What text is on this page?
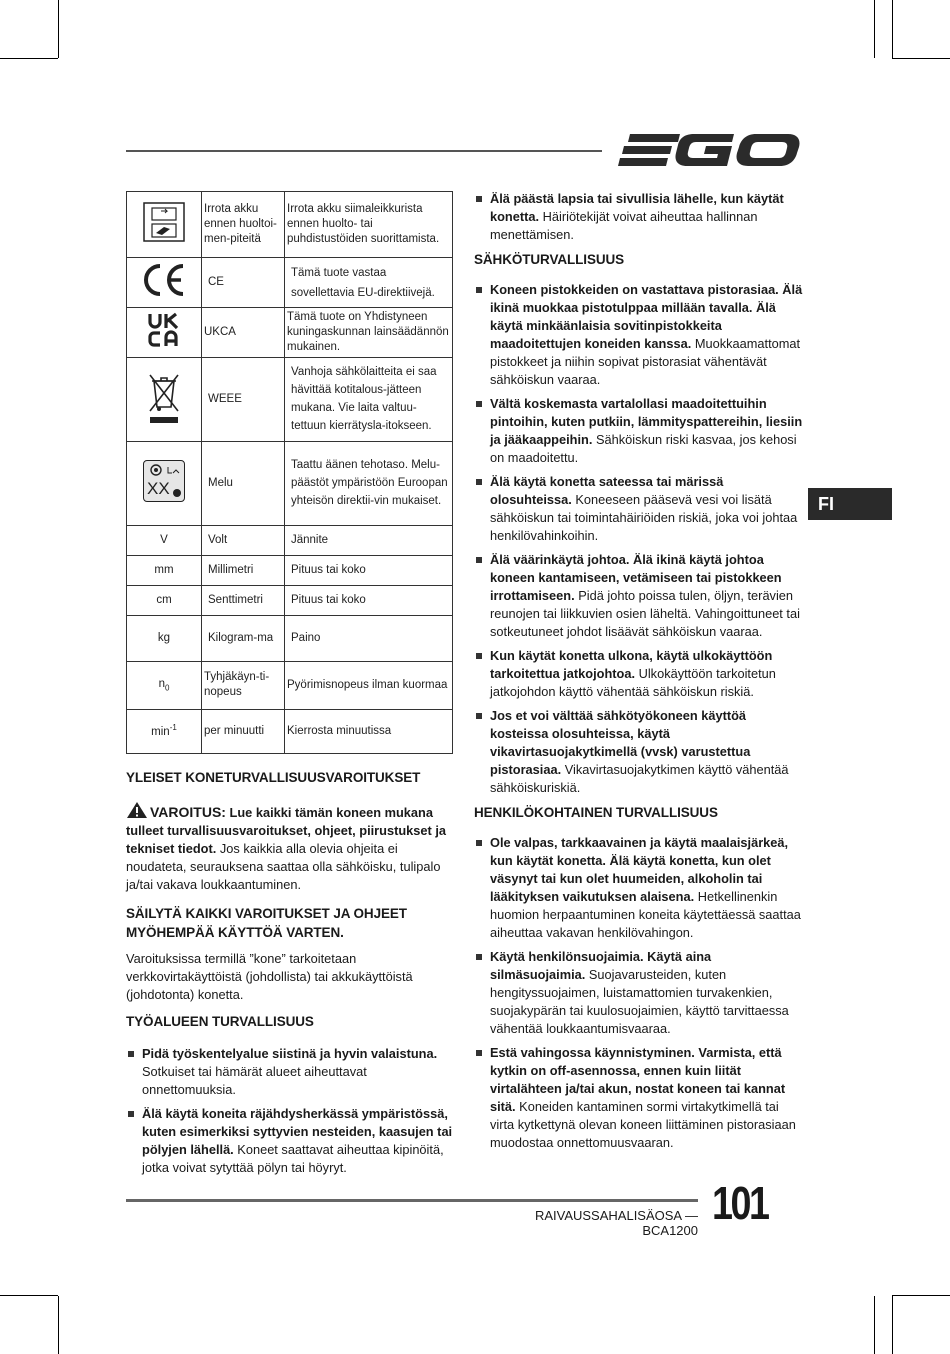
FI
	Irrota akku ennen huoltoi-men-piteitä	Irrota akku siimaleikkurista ennen huolto- tai puhdistustöiden suorittamista.
	CE	Tämä tuote vastaa sovellettavia EU-direktiivejä.
	UKCA	Tämä tuote on Yhdistyneen kuningaskunnan lainsäädännön mukainen.
	WEEE	Vanhoja sähkölaitteita ei saa hävittää kotitalous-jätteen mukana. Vie laita valtuu-tettuun kierrätysla-itokseen.

XX	Melu	Taattu äänen tehotaso. Melu-päästöt ympäristöön Euroopan yhteisön direktii-vin mukaiset.
V	Volt	Jännite
mm	Millimetri	Pituus tai koko
cm	Senttimetri	Pituus tai koko
kg	Kilogram-ma	Paino
$n_0$	Tyhjäkäyn-ti-nopeus	Pyörimisnopeus ilman kuormaa
$\min^{-1}$	per minuutti	Kierrosta minuutissa
YLEISET KONETURVALLISUUSVAROITUKSET

VAROITUS: Lue kaikki tämän koneen mukana tulleet turvallisuusvaroitukset, ohjeet, piirustukset ja tekniset tiedot. Jos kaikkia alla olevia ohjeita ei noudateta, seurauksena saattaa olla sähköisku, tulipalo ja/tai vakava loukkaantuminen.

SÄILYTÄ KAIKKI VAROITUKSET JA OHJEET MYÖHEMPÄÄ KÄYTTÖÄ VARTEN.

Varoituksissa termillä ”kone” tarkoitetaan verkkovirtakäyttöistä (johdollista) tai akkukäyttöistä (johdotonta) konetta.

TYÖALUEEN TURVALLISUUS
Pidä työskentelyalue siistinä ja hyvin valaistuna. Sotkuiset tai hämärät alueet aiheuttavat onnettomuuksia.
Älä käytä koneita räjähdysherkässä ympäristössä, kuten esimerkiksi syttyvien nesteiden, kaasujen tai pölyjen lähellä. Koneet saattavat aiheuttaa kipinöitä, jotka voivat sytyttää pölyn tai höyryt.
Älä päästä lapsia tai sivullisia lähelle, kun käytät konetta. Häiriötekijät voivat aiheuttaa hallinnan menettämisen.
SÄHKÖTURVALLISUUS
Koneen pistokkeiden on vastattava pistorasiaa. Älä ikinä muokkaa pistotulppaa millään tavalla. Älä käytä minkäänlaisia sovitinpistokkeita maadoitettujen koneiden kanssa. Muokkaamattomat pistokkeet ja niihin sopivat pistorasiat vähentävät sähköiskun vaaraa.
Vältä koskemasta vartalollasi maadoitettuihin pintoihin, kuten putkiin, lämmityspattereihin, liesiin ja jääkaappeihin. Sähköiskun riski kasvaa, jos kehosi on maadoitettu.
Älä käytä konetta sateessa tai märissä olosuhteissa. Koneeseen pääsevä vesi voi lisätä sähköiskun tai toimintahäiriöiden riskiä, joka voi johtaa henkilövahinkoihin.
Älä väärinkäytä johtoa. Älä ikinä käytä johtoa koneen kantamiseen, vetämiseen tai pistokkeen irrottamiseen. Pidä johto poissa tulen, öljyn, terävien reunojen tai liikkuvien osien läheltä. Vahingoittuneet tai sotkeutuneet johdot lisäävät sähköiskun vaaraa.
Kun käytät konetta ulkona, käytä ulkokäyttöön tarkoitettua jatkojohtoa. Ulkokäyttöön tarkoitetun jatkojohdon käyttö vähentää sähköiskun riskiä.
Jos et voi välttää sähkötyökoneen käyttöä kosteissa olosuhteissa, käytä vikavirtasuojakytkimellä (vvsk) varustettua pistorasiaa. Vikavirtasuojakytkimen käyttö vähentää sähköiskuriskiä.
HENKILÖKOHTAINEN TURVALLISUUS
Ole valpas, tarkkaavainen ja käytä maalaisjärkeä, kun käytät konetta. Älä käytä konetta, kun olet väsynyt tai kun olet huumeiden, alkoholin tai lääkityksen vaikutuksen alaisena. Hetkellinenkin huomion herpaantuminen koneita käytettäessä saattaa aiheuttaa vakavan henkilövahingon.
Käytä henkilönsuojaimia. Käytä aina silmäsuojaimia. Suojavarusteiden, kuten hengityssuojaimen, luistamattomien turvakenkien, suojakypärän tai kuulosuojaimien, käyttö tarvittaessa vähentää loukkaantumisvaaraa.
Estä vahingossa käynnistyminen. Varmista, että kytkin on off-asennossa, ennen kuin liität virtalähteen ja/tai akun, nostat koneen tai kannat sitä. Koneiden kantaminen sormi virtakytkimellä tai virta kytkettynä olevan koneen liittäminen pistorasiaan muodostaa onnettomuusvaaran.
RAIVAUSSAHALISÄOSA — BCA1200
101
